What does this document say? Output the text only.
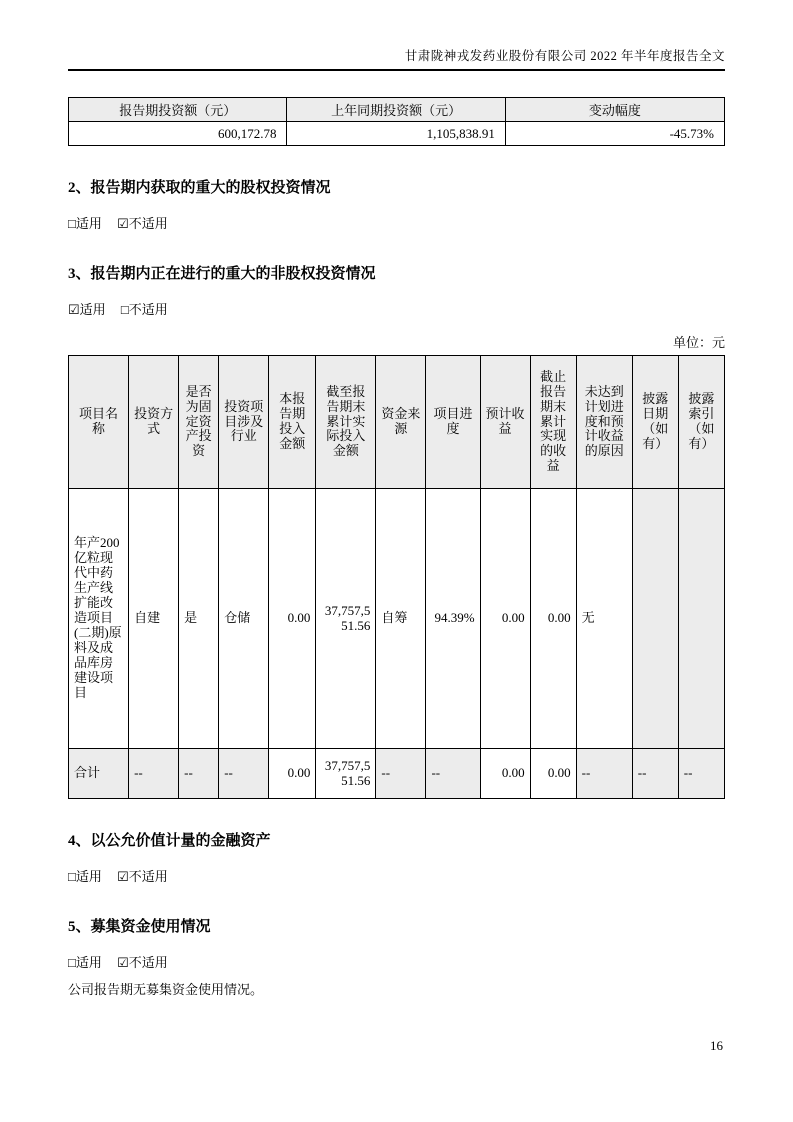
甘肃陇神戎发药业股份有限公司 2022 年半年度报告全文
报告期投资额（元）	上年同期投资额（元）	变动幅度
600,172.78	1,105,838.91	-45.73%
2、报告期内获取的重大的股权投资情况

□适用 ☑不适用

3、报告期内正在进行的重大的非股权投资情况

☑适用 □不适用

单位：元
项目名称	投资方式	是否为固定资产投资	投资项目涉及行业	本报告期投入金额	截至报告期末累计实际投入金额	资金来源	项目进度	预计收益	截止报告期末累计实现的收益	未达到计划进度和预计收益的原因	披露日期（如有）	披露索引（如有）
年产200亿粒现代中药生产线扩能改造项目(二期)原料及成品库房建设项目	自建	是	仓储	0.00	37,757,551.56	自筹	94.39%	0.00	0.00	无		
合计	--	--	--	0.00	37,757,551.56	--	--	0.00	0.00	--	--	--
4、以公允价值计量的金融资产

□适用 ☑不适用

5、募集资金使用情况

□适用 ☑不适用

公司报告期无募集资金使用情况。

16
